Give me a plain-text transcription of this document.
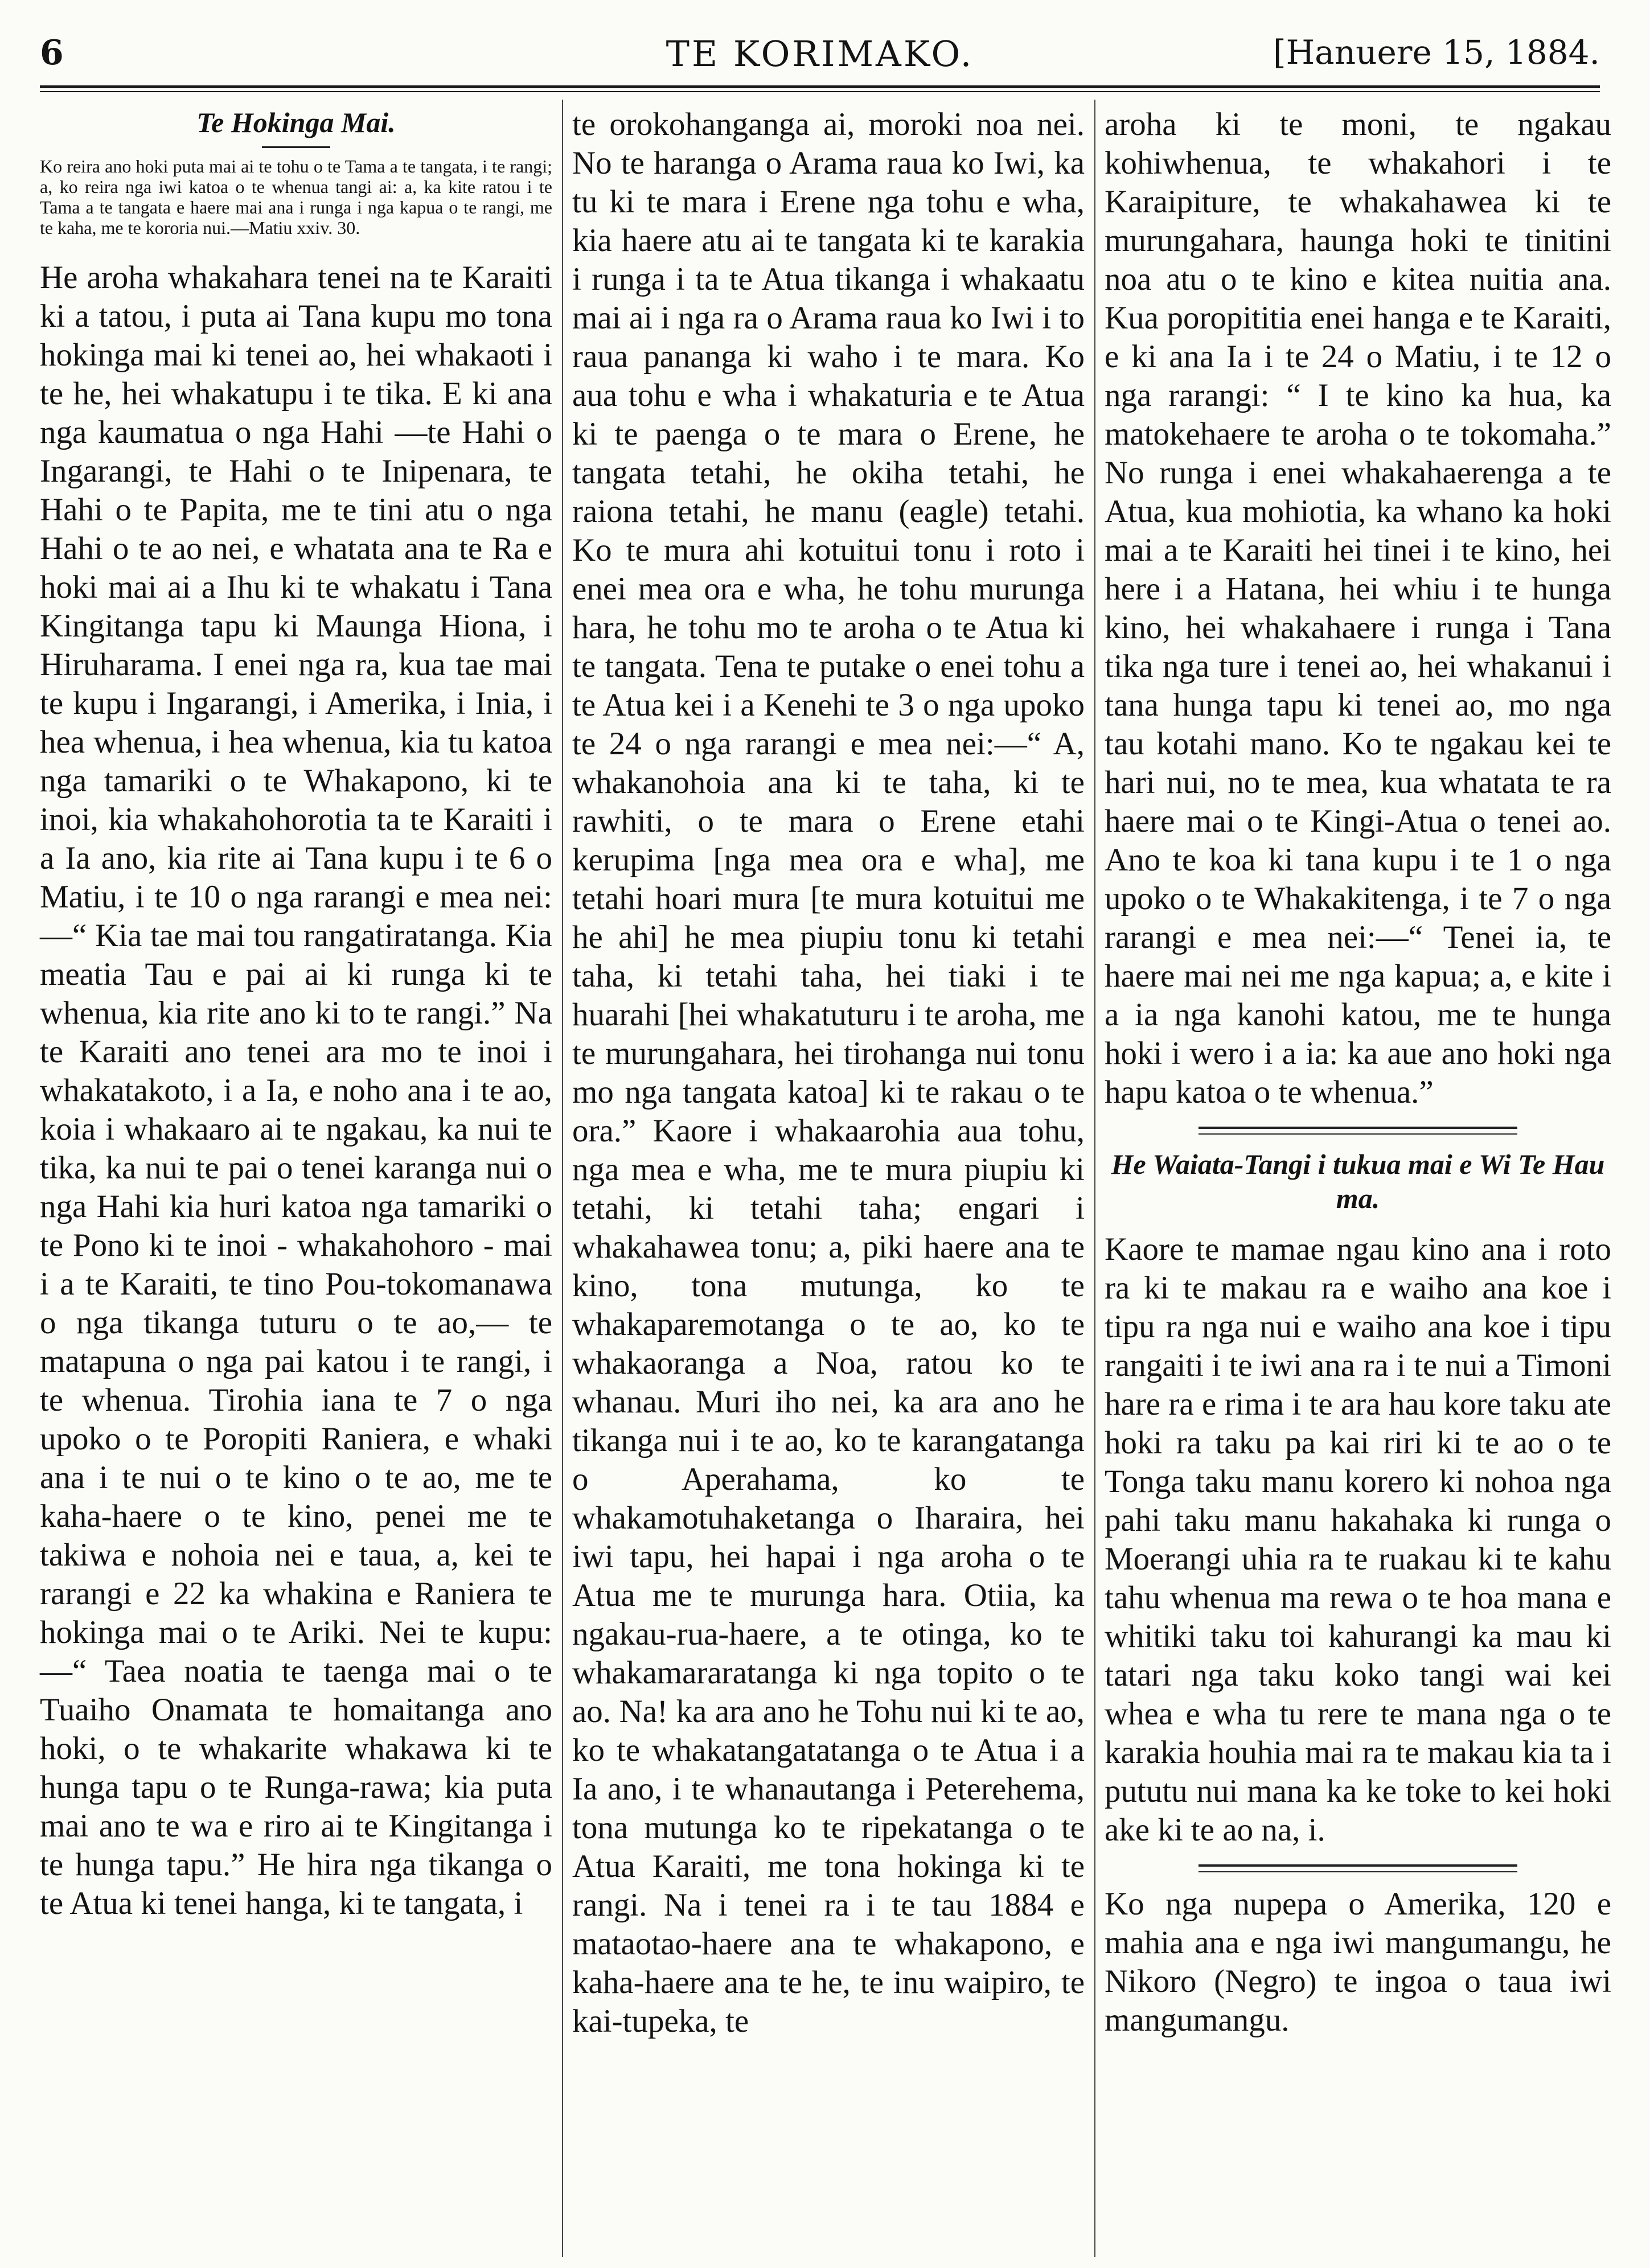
6	TE KORIMAKO.	[Hanuere 15, 1884.
Te Hokinga Mai.

Ko reira ano hoki puta mai ai te tohu o te Tama a te tangata, i te rangi; a, ko reira nga iwi katoa o te whenua tangi ai: a, ka kite ratou i te Tama a te tangata e haere mai ana i runga i nga kapua o te rangi, me te kaha, me te kororia nui.—Matiu xxiv. 30.

He aroha whakahara tenei na te Karaiti ki a tatou, i puta ai Tana kupu mo tona hokinga mai ki tenei ao, hei whakaoti i te he, hei whakatupu i te tika. E ki ana nga kaumatua o nga Hahi —te Hahi o Ingarangi, te Hahi o te Inipenara, te Hahi o te Papita, me te tini atu o nga Hahi o te ao nei, e whatata ana te Ra e hoki mai ai a Ihu ki te whakatu i Tana Kingitanga tapu ki Maunga Hiona, i Hiruharama. I enei nga ra, kua tae mai te kupu i Ingarangi, i Amerika, i Inia, i hea whenua, i hea whenua, kia tu katoa nga tamariki o te Whakapono, ki te inoi, kia whakahohorotia ta te Karaiti i a Ia ano, kia rite ai Tana kupu i te 6 o Matiu, i te 10 o nga rarangi e mea nei:—“ Kia tae mai tou rangatiratanga. Kia meatia Tau e pai ai ki runga ki te whenua, kia rite ano ki to te rangi.” Na te Karaiti ano tenei ara mo te inoi i whakatakoto, i a Ia, e noho ana i te ao, koia i whakaaro ai te ngakau, ka nui te tika, ka nui te pai o tenei karanga nui o nga Hahi kia huri katoa nga tamariki o te Pono ki te inoi - whakahohoro - mai i a te Karaiti, te tino Pou-tokomanawa o nga tikanga tuturu o te ao,— te matapuna o nga pai katou i te rangi, i te whenua. Tirohia iana te 7 o nga upoko o te Poropiti Raniera, e whaki ana i te nui o te kino o te ao, me te kaha-haere o te kino, penei me te takiwa e nohoia nei e taua, a, kei te rarangi e 22 ka whakina e Raniera te hokinga mai o te Ariki. Nei te kupu:—“ Taea noatia te taenga mai o te Tuaiho Onamata te homaitanga ano hoki, o te whakarite whakawa ki te hunga tapu o te Runga-rawa; kia puta mai ano te wa e riro ai te Kingitanga i te hunga tapu.” He hira nga tikanga o te Atua ki tenei hanga, ki te tangata, i

te orokohanganga ai, moroki noa nei. No te haranga o Arama raua ko Iwi, ka tu ki te mara i Erene nga tohu e wha, kia haere atu ai te tangata ki te karakia i runga i ta te Atua tikanga i whakaatu mai ai i nga ra o Arama raua ko Iwi i to raua pananga ki waho i te mara. Ko aua tohu e wha i whakaturia e te Atua ki te paenga o te mara o Erene, he tangata tetahi, he okiha tetahi, he raiona tetahi, he manu (eagle) tetahi. Ko te mura ahi kotuitui tonu i roto i enei mea ora e wha, he tohu murunga hara, he tohu mo te aroha o te Atua ki te tangata. Tena te putake o enei tohu a te Atua kei i a Kenehi te 3 o nga upoko te 24 o nga rarangi e mea nei:—“ A, whakanohoia ana ki te taha, ki te rawhiti, o te mara o Erene etahi kerupima [nga mea ora e wha], me tetahi hoari mura [te mura kotuitui me he ahi] he mea piupiu tonu ki tetahi taha, ki tetahi taha, hei tiaki i te huarahi [hei whakatuturu i te aroha, me te murungahara, hei tirohanga nui tonu mo nga tangata katoa] ki te rakau o te ora.” Kaore i whakaarohia aua tohu, nga mea e wha, me te mura piupiu ki tetahi, ki tetahi taha; engari i whakahawea tonu; a, piki haere ana te kino, tona mutunga, ko te whakaparemotanga o te ao, ko te whakaoranga a Noa, ratou ko te whanau. Muri iho nei, ka ara ano he tikanga nui i te ao, ko te karangatanga o Aperahama, ko te whakamotuhaketanga o Iharaira, hei iwi tapu, hei hapai i nga aroha o te Atua me te murunga hara. Otiia, ka ngakau-rua-haere, a te otinga, ko te whakamararatanga ki nga topito o te ao. Na! ka ara ano he Tohu nui ki te ao, ko te whakatangatatanga o te Atua i a Ia ano, i te whanautanga i Peterehema, tona mutunga ko te ripekatanga o te Atua Karaiti, me tona hokinga ki te rangi. Na i tenei ra i te tau 1884 e mataotao-haere ana te whakapono, e kaha-haere ana te he, te inu waipiro, te kai-tupeka, te

aroha ki te moni, te ngakau kohiwhenua, te whakahori i te Karaipiture, te whakahawea ki te murungahara, haunga hoki te tinitini noa atu o te kino e kitea nuitia ana. Kua poropititia enei hanga e te Karaiti, e ki ana Ia i te 24 o Matiu, i te 12 o nga rarangi: “ I te kino ka hua, ka matokehaere te aroha o te tokomaha.” No runga i enei whakahaerenga a te Atua, kua mohiotia, ka whano ka hoki mai a te Karaiti hei tinei i te kino, hei here i a Hatana, hei whiu i te hunga kino, hei whakahaere i runga i Tana tika nga ture i tenei ao, hei whakanui i tana hunga tapu ki tenei ao, mo nga tau kotahi mano. Ko te ngakau kei te hari nui, no te mea, kua whatata te ra haere mai o te Kingi-Atua o tenei ao. Ano te koa ki tana kupu i te 1 o nga upoko o te Whakakitenga, i te 7 o nga rarangi e mea nei:—“ Tenei ia, te haere mai nei me nga kapua; a, e kite i a ia nga kanohi katou, me te hunga hoki i wero i a ia: ka aue ano hoki nga hapu katoa o te whenua.”

He Waiata-Tangi i tukua mai e Wi Te Hau ma.

Kaore te mamae ngau kino ana i roto ra ki te makau ra e waiho ana koe i tipu ra nga nui e waiho ana koe i tipu rangaiti i te iwi ana ra i te nui a Timoni hare ra e rima i te ara hau kore taku ate hoki ra taku pa kai riri ki te ao o te Tonga taku manu korero ki nohoa nga pahi taku manu hakahaka ki runga o Moerangi uhia ra te ruakau ki te kahu tahu whenua ma rewa o te hoa mana e whitiki taku toi kahurangi ka mau ki tatari nga taku koko tangi wai kei whea e wha tu rere te mana nga o te karakia houhia mai ra te makau kia ta i pututu nui mana ka ke toke to kei hoki ake ki te ao na, i.

Ko nga nupepa o Amerika, 120 e mahia ana e nga iwi mangumangu, he Nikoro (Negro) te ingoa o taua iwi mangumangu.
